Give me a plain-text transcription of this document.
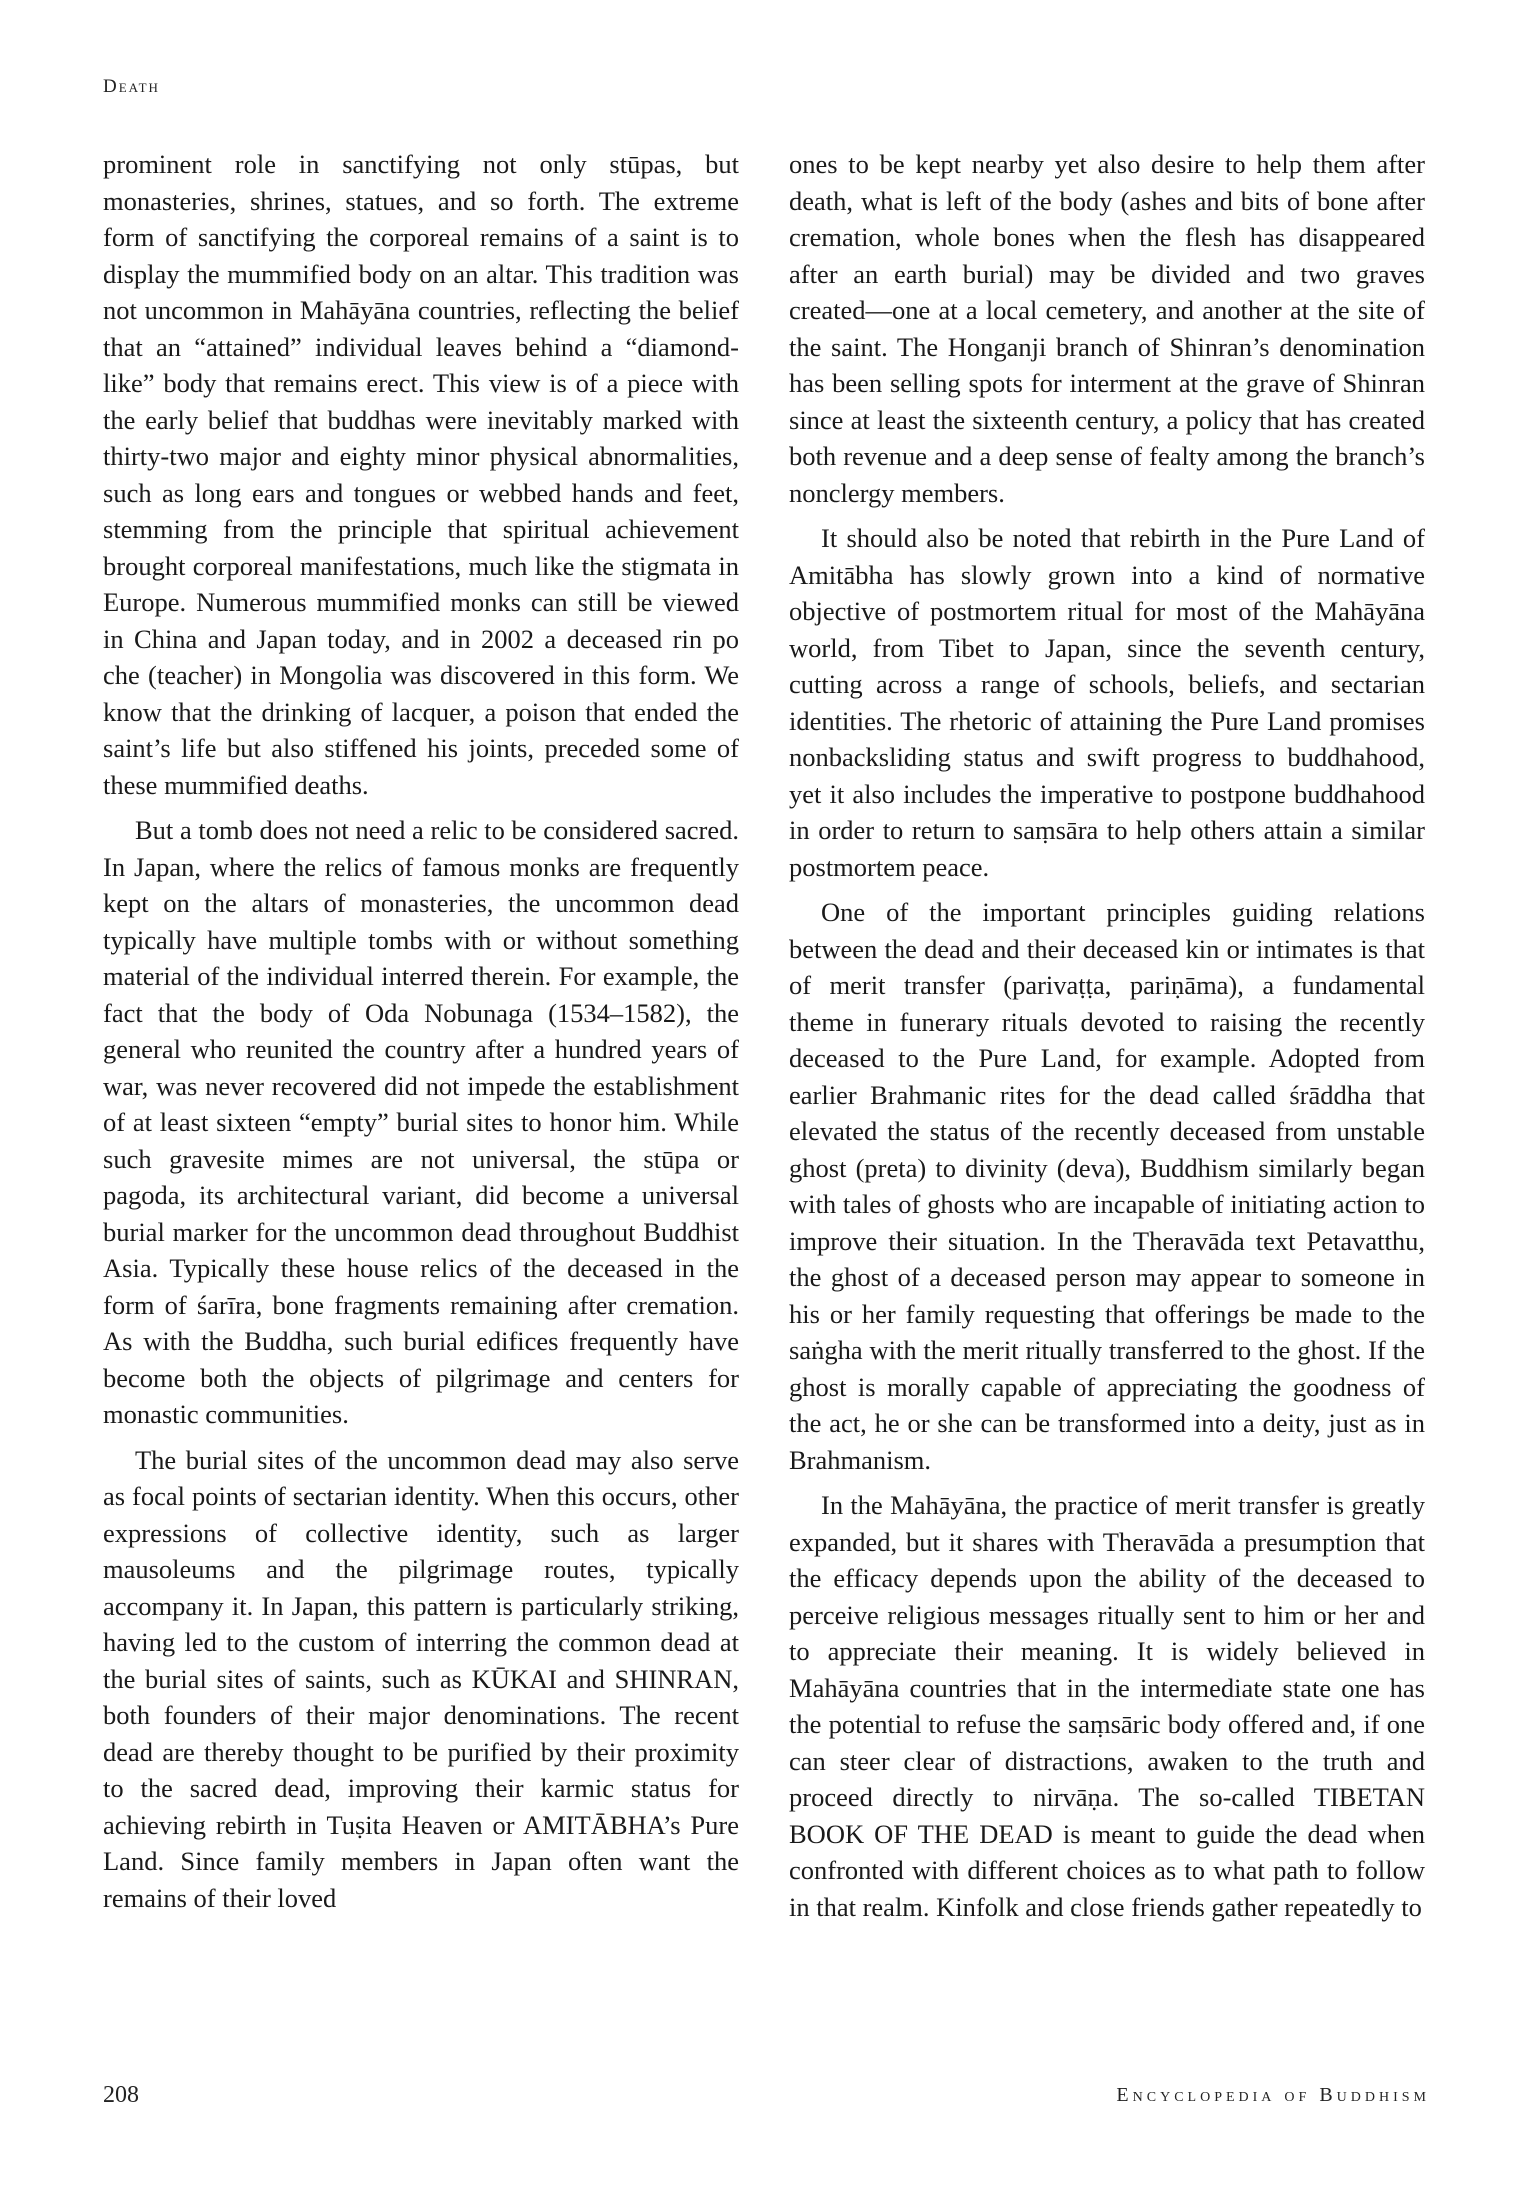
Death

prominent role in sanctifying not only stūpas, but monasteries, shrines, statues, and so forth. The extreme form of sanctifying the corporeal remains of a saint is to display the mummified body on an altar. This tradition was not uncommon in Mahāyāna countries, reflecting the belief that an “attained” individual leaves behind a “diamond-like” body that remains erect. This view is of a piece with the early belief that buddhas were inevitably marked with thirty-two major and eighty minor physical abnormalities, such as long ears and tongues or webbed hands and feet, stemming from the principle that spiritual achievement brought corporeal manifestations, much like the stigmata in Europe. Numerous mummified monks can still be viewed in China and Japan today, and in 2002 a deceased rin po che (teacher) in Mongolia was discovered in this form. We know that the drinking of lacquer, a poison that ended the saint’s life but also stiffened his joints, preceded some of these mummified deaths.

But a tomb does not need a relic to be considered sacred. In Japan, where the relics of famous monks are frequently kept on the altars of monasteries, the uncommon dead typically have multiple tombs with or without something material of the individual interred therein. For example, the fact that the body of Oda Nobunaga (1534–1582), the general who reunited the country after a hundred years of war, was never recovered did not impede the establishment of at least sixteen “empty” burial sites to honor him. While such gravesite mimes are not universal, the stūpa or pagoda, its architectural variant, did become a universal burial marker for the uncommon dead throughout Buddhist Asia. Typically these house relics of the deceased in the form of śarīra, bone fragments remaining after cremation. As with the Buddha, such burial edifices frequently have become both the objects of pilgrimage and centers for monastic communities.

The burial sites of the uncommon dead may also serve as focal points of sectarian identity. When this occurs, other expressions of collective identity, such as larger mausoleums and the pilgrimage routes, typically accompany it. In Japan, this pattern is particularly striking, having led to the custom of interring the common dead at the burial sites of saints, such as KŪKAI and SHINRAN, both founders of their major denominations. The recent dead are thereby thought to be purified by their proximity to the sacred dead, improving their karmic status for achieving rebirth in Tuṣita Heaven or AMITĀBHA’s Pure Land. Since family members in Japan often want the remains of their loved

ones to be kept nearby yet also desire to help them after death, what is left of the body (ashes and bits of bone after cremation, whole bones when the flesh has disappeared after an earth burial) may be divided and two graves created—one at a local cemetery, and another at the site of the saint. The Honganji branch of Shinran’s denomination has been selling spots for interment at the grave of Shinran since at least the sixteenth century, a policy that has created both revenue and a deep sense of fealty among the branch’s nonclergy members.

It should also be noted that rebirth in the Pure Land of Amitābha has slowly grown into a kind of normative objective of postmortem ritual for most of the Mahāyāna world, from Tibet to Japan, since the seventh century, cutting across a range of schools, beliefs, and sectarian identities. The rhetoric of attaining the Pure Land promises nonbacksliding status and swift progress to buddhahood, yet it also includes the imperative to postpone buddhahood in order to return to saṃsāra to help others attain a similar postmortem peace.

One of the important principles guiding relations between the dead and their deceased kin or intimates is that of merit transfer (parivaṭṭa, pariṇāma), a fundamental theme in funerary rituals devoted to raising the recently deceased to the Pure Land, for example. Adopted from earlier Brahmanic rites for the dead called śrāddha that elevated the status of the recently deceased from unstable ghost (preta) to divinity (deva), Buddhism similarly began with tales of ghosts who are incapable of initiating action to improve their situation. In the Theravāda text Petavatthu, the ghost of a deceased person may appear to someone in his or her family requesting that offerings be made to the saṅgha with the merit ritually transferred to the ghost. If the ghost is morally capable of appreciating the goodness of the act, he or she can be transformed into a deity, just as in Brahmanism.

In the Mahāyāna, the practice of merit transfer is greatly expanded, but it shares with Theravāda a presumption that the efficacy depends upon the ability of the deceased to perceive religious messages ritually sent to him or her and to appreciate their meaning. It is widely believed in Mahāyāna countries that in the intermediate state one has the potential to refuse the saṃsāric body offered and, if one can steer clear of distractions, awaken to the truth and proceed directly to nirvāṇa. The so-called TIBETAN BOOK OF THE DEAD is meant to guide the dead when confronted with different choices as to what path to follow in that realm. Kinfolk and close friends gather repeatedly to

208	Encyclopedia of Buddhism
